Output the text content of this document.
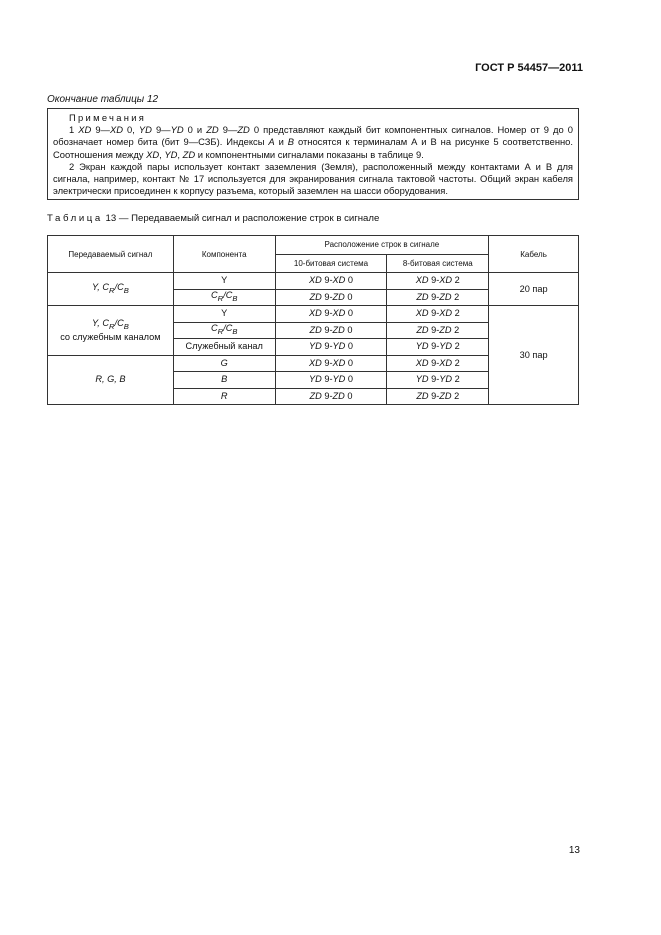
ГОСТ Р 54457—2011
Окончание таблицы 12
Примечания
1 XD 9—XD 0, YD 9—YD 0 и ZD 9—ZD 0 представляют каждый бит компонентных сигналов. Номер от 9 до 0 обозначает номер бита (бит 9—СЗБ). Индексы A и B относятся к терминалам А и В на рисунке 5 соответственно. Соотношения между XD, YD, ZD и компонентными сигналами показаны в таблице 9.
2 Экран каждой пары использует контакт заземления (Земля), расположенный между контактами А и В для сигнала, например, контакт № 17 используется для экранирования сигнала тактовой частоты. Общий экран кабеля электрически присоединен к корпусу разъема, который заземлен на шасси оборудования.
Таблица 13 — Передаваемый сигнал и расположение строк в сигнале
Передаваемый сигнал	Компонента	Расположение строк в сигнале		Кабель
		10-битовая система	8-битовая система	
Y, $C_R/C_B$	Y	XD 9-XD 0	XD 9-XD 2	20 пар
	$C_R/C_B$	ZD 9-ZD 0	ZD 9-ZD 2	

Y, $C_R/C_B$
со служебным каналом	Y	XD 9-XD 0	XD 9-XD 2	30 пар
	$C_R/C_B$	ZD 9-ZD 0	ZD 9-ZD 2	
	Служебный канал	YD 9-YD 0	YD 9-YD 2	
R, G, B	G	XD 9-XD 0	XD 9-XD 2	
	B	YD 9-YD 0	YD 9-YD 2	
	R	ZD 9-ZD 0	ZD 9-ZD 2	
13
